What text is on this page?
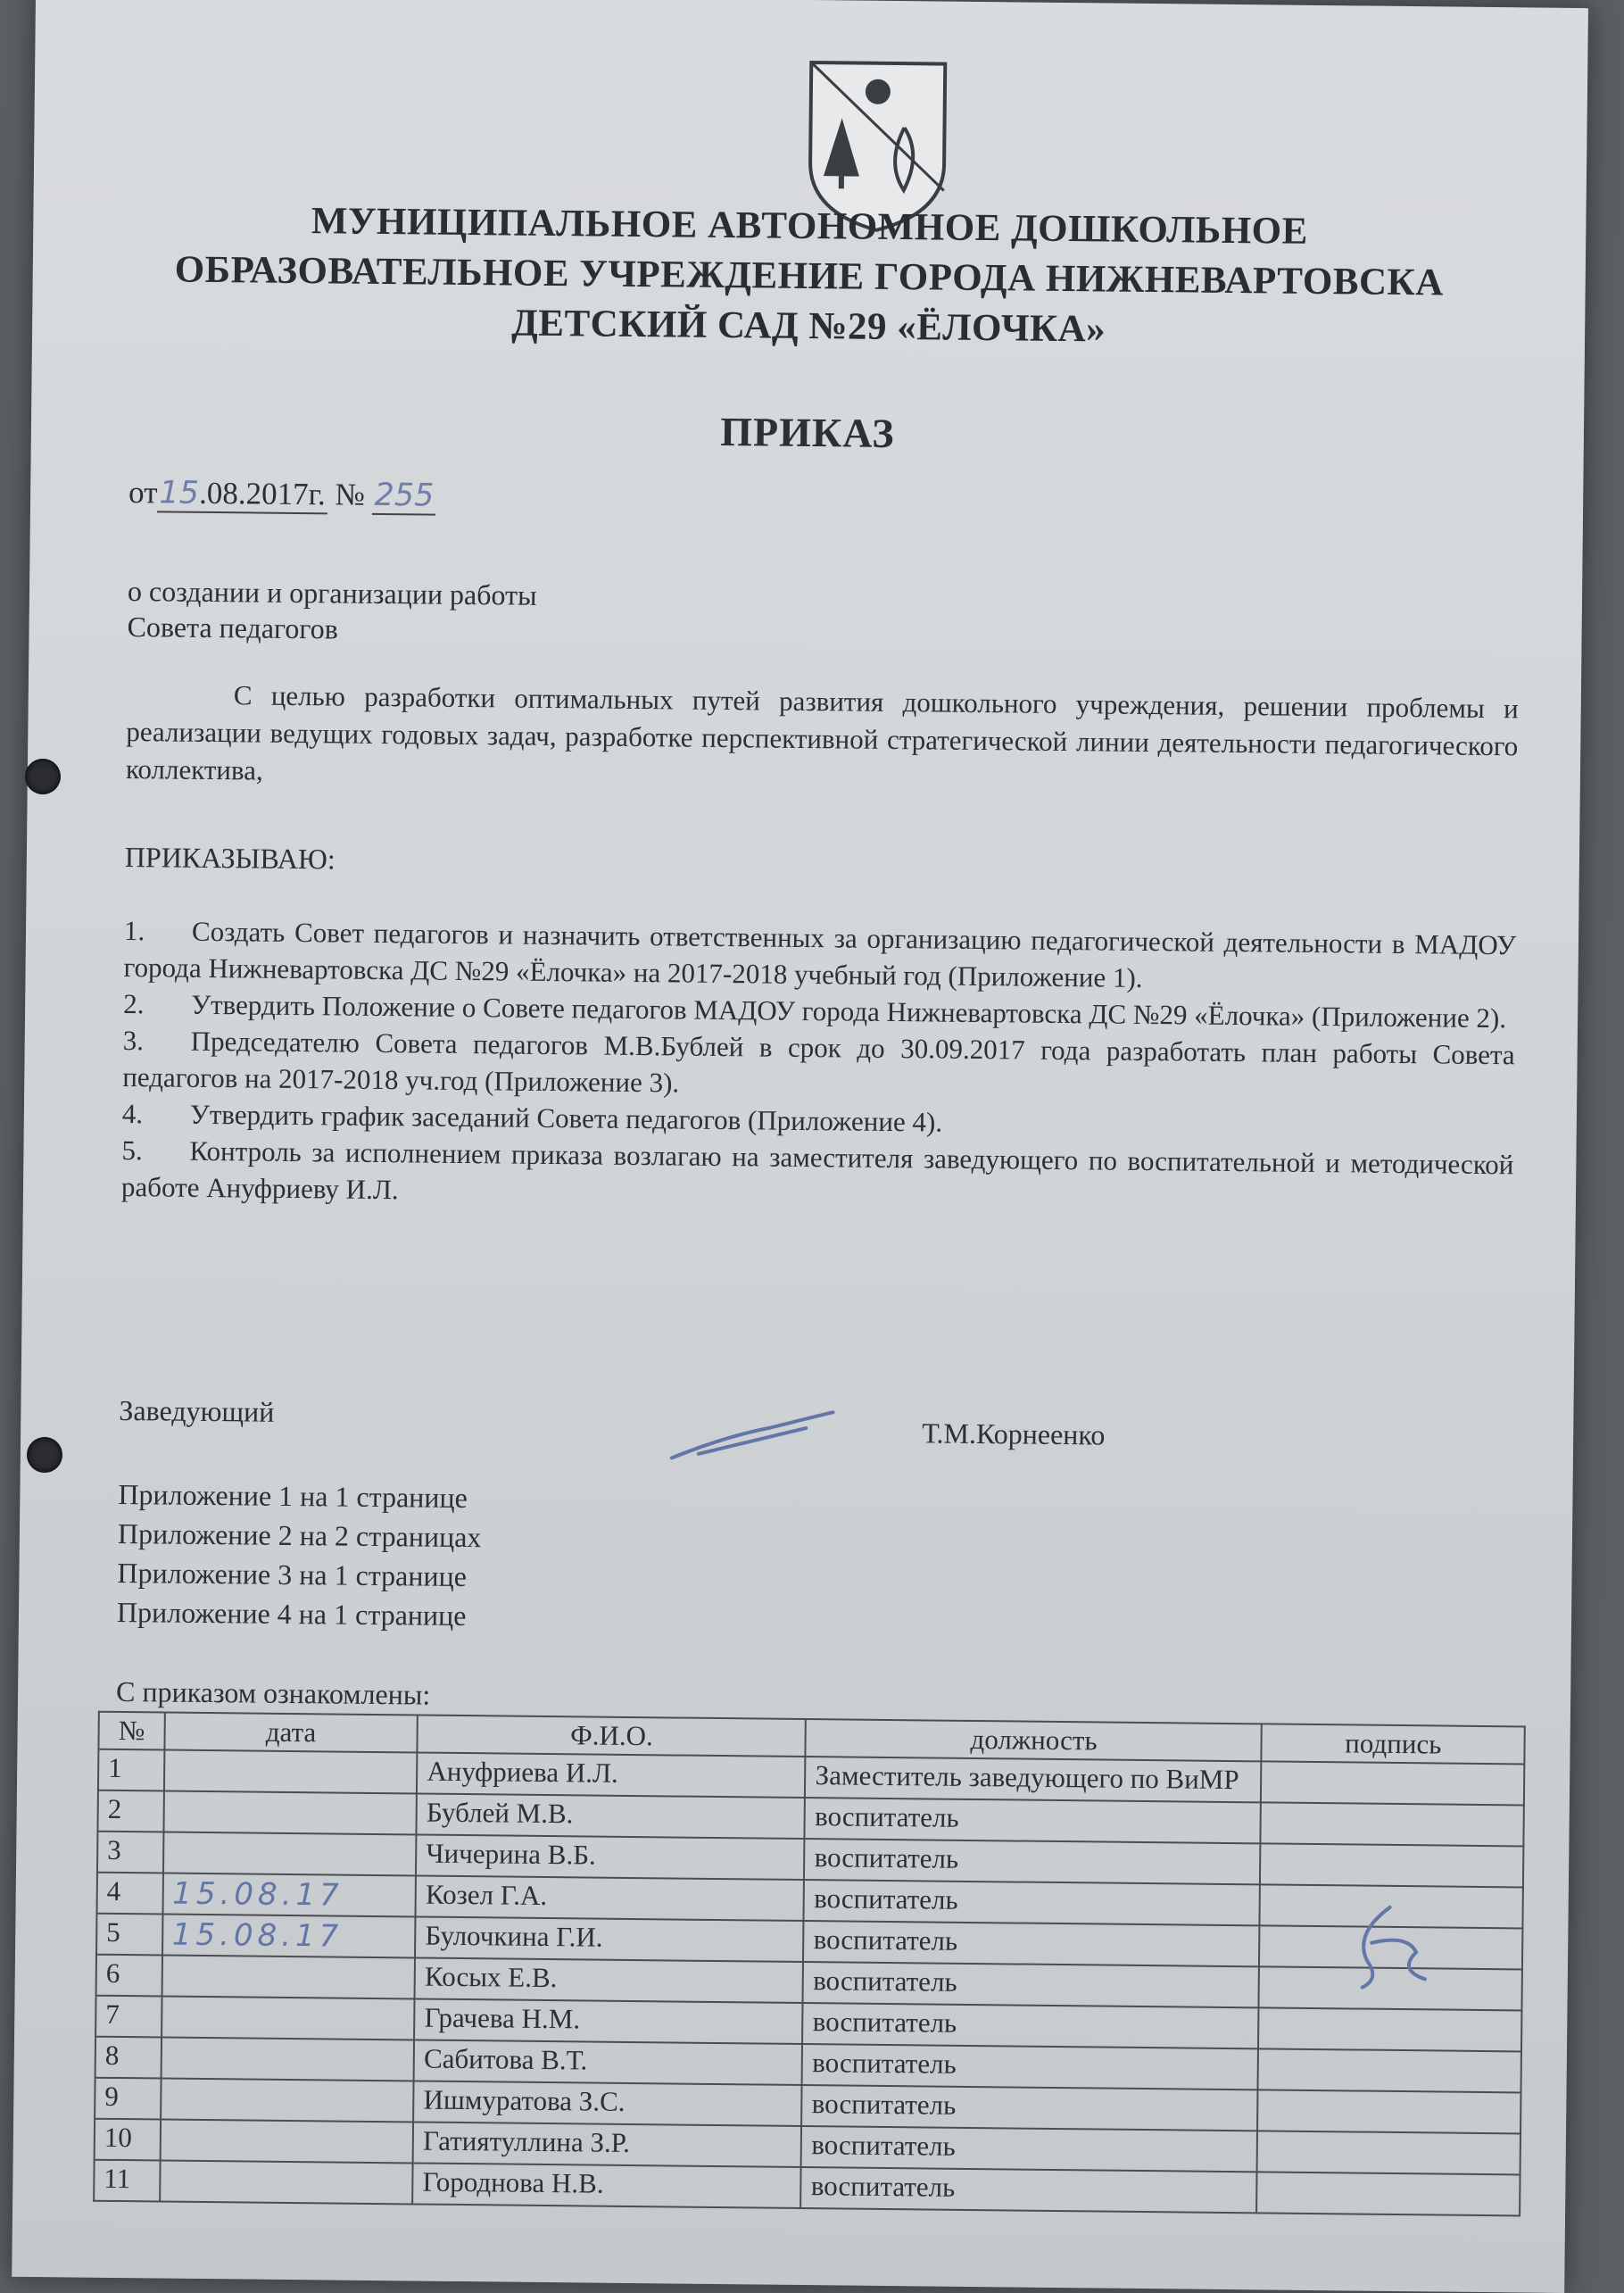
МУНИЦИПАЛЬНОЕ АВТОНОМНОЕ ДОШКОЛЬНОЕ
ОБРАЗОВАТЕЛЬНОЕ УЧРЕЖДЕНИЕ ГОРОДА НИЖНЕВАРТОВСКА
ДЕТСКИЙ САД №29 «ЁЛОЧКА»
ПРИКАЗ
от15.08.2017г. № 255
о создании и организации работы
Совета педагогов
С целью разработки оптимальных путей развития дошкольного учреждения, решении проблемы и реализации ведущих годовых задач, разработке перспективной стратегической линии деятельности педагогического коллектива,
ПРИКАЗЫВАЮ:
1. Создать Совет педагогов и назначить ответственных за организацию педагогической деятельности в МАДОУ города Нижневартовска ДС №29 «Ёлочка» на 2017-2018 учебный год (Приложение 1).
2. Утвердить Положение о Совете педагогов МАДОУ города Нижневартовска ДС №29 «Ёлочка» (Приложение 2).
3. Председателю Совета педагогов М.В.Бублей в срок до 30.09.2017 года разработать план работы Совета педагогов на 2017-2018 уч.год (Приложение 3).
4. Утвердить график заседаний Совета педагогов (Приложение 4).
5. Контроль за исполнением приказа возлагаю на заместителя заведующего по воспитательной и методической работе Ануфриеву И.Л.
Заведующий
Т.М.Корнеенко
Приложение 1 на 1 странице
Приложение 2 на 2 страницах
Приложение 3 на 1 странице
Приложение 4 на 1 странице
С приказом ознакомлены:
№	дата	Ф.И.О.	должность	подпись
1		Ануфриева И.Л.	Заместитель заведующего по ВиМР	
2		Бублей М.В.	воспитатель	
3		Чичерина В.Б.	воспитатель	
4	15.08.17	Козел Г.А.	воспитатель	
5	15.08.17	Булочкина Г.И.	воспитатель	
6		Косых Е.В.	воспитатель	
7		Грачева Н.М.	воспитатель	
8		Сабитова В.Т.	воспитатель	
9		Ишмуратова З.С.	воспитатель	
10		Гатиятуллина З.Р.	воспитатель	
11		Городнова Н.В.	воспитатель	
